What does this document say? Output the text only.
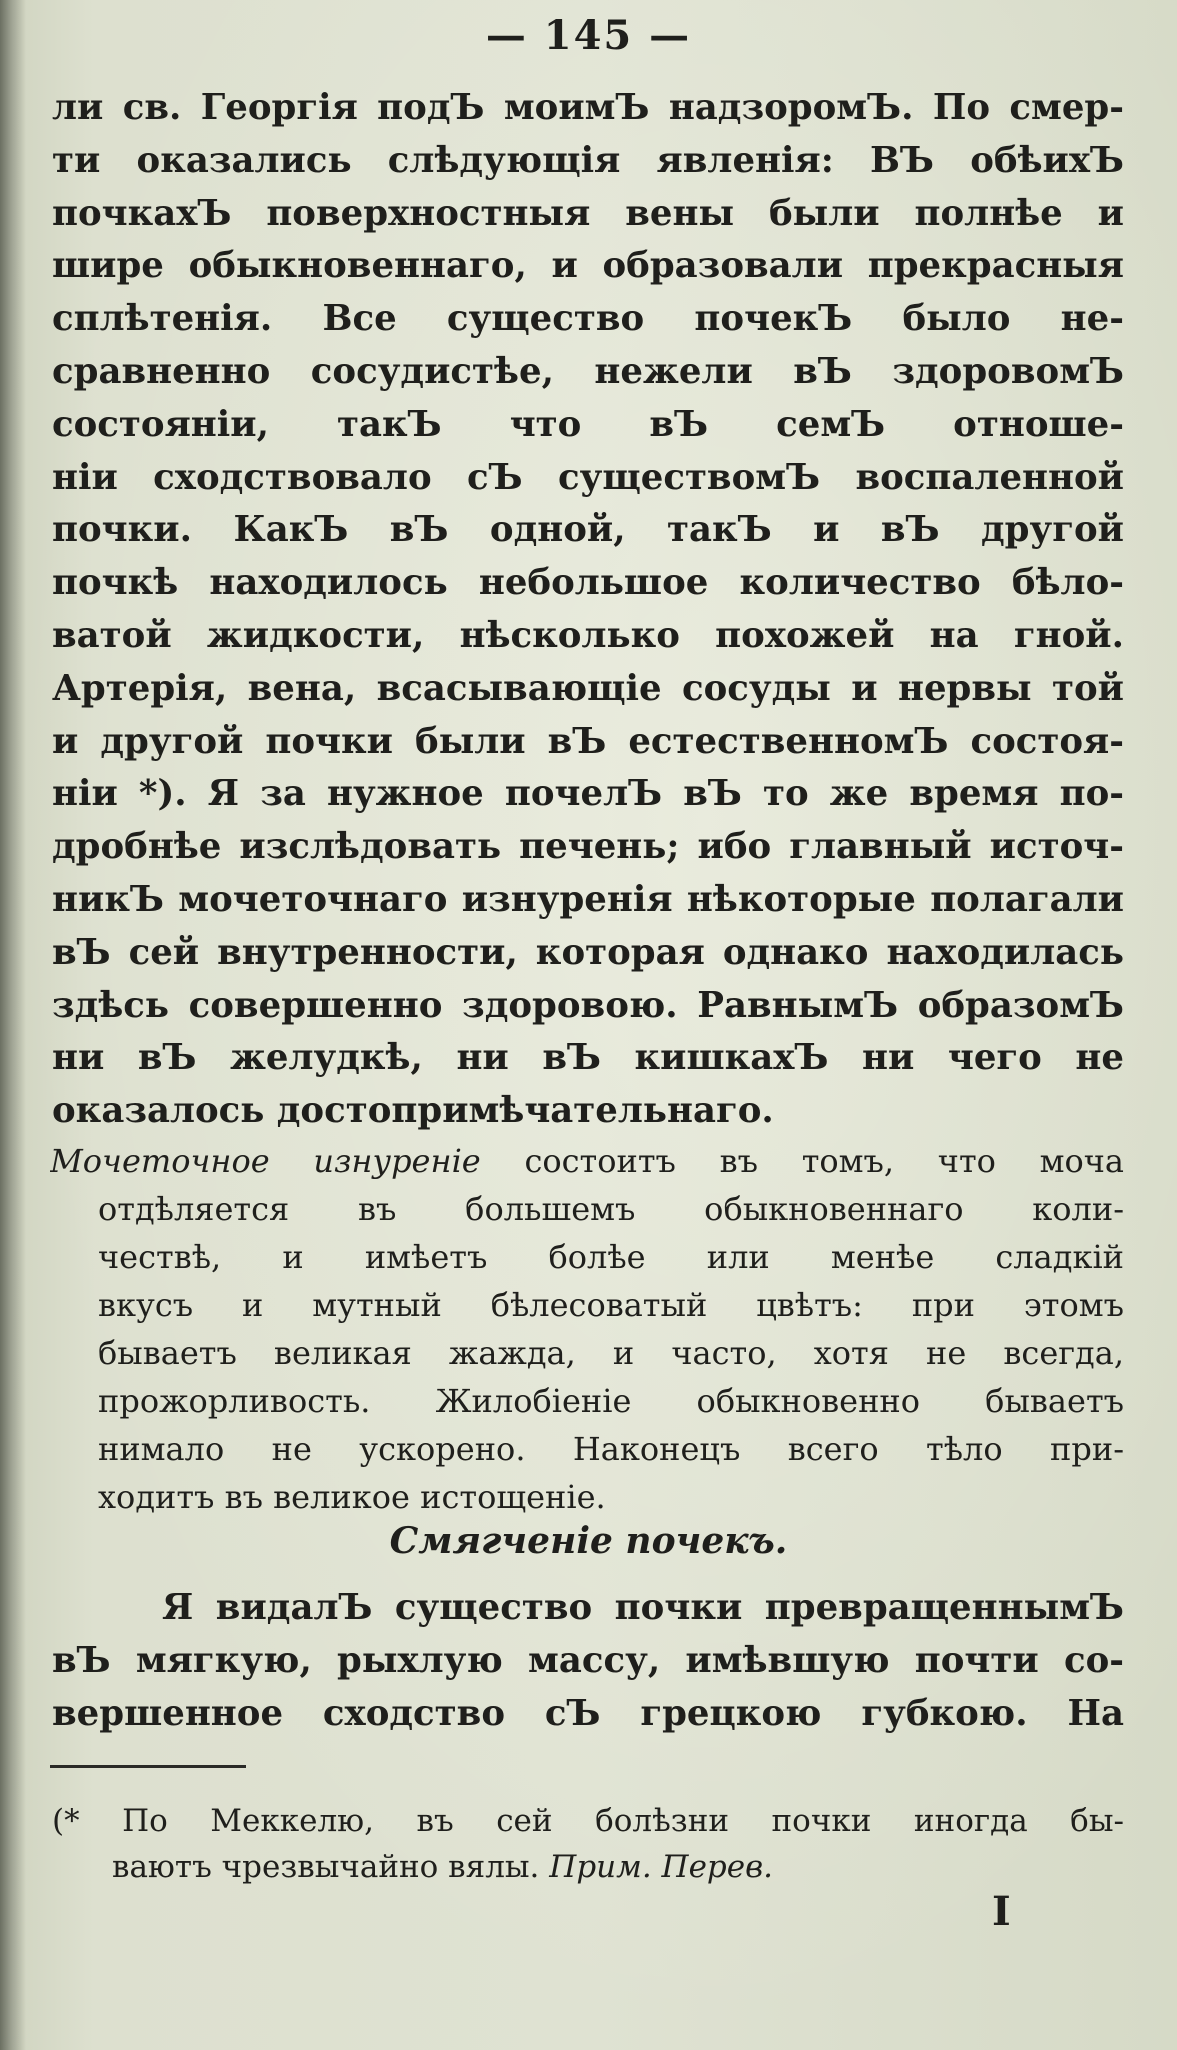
— 145 —
ли св. Георгія подЪ моимЪ надзоромЪ. По смер-
ти оказались слѣдующія явленія: ВЪ обѣихЪ
почкахЪ поверхностныя вены были полнѣе и
шире обыкновеннаго, и образовали прекрасныя
сплѣтенія. Все существо почекЪ было не-
сравненно сосудистѣе, нежели вЪ здоровомЪ
состояніи, такЪ что вЪ семЪ отноше-
ніи сходствовало сЪ существомЪ воспаленной
почки. КакЪ вЪ одной, такЪ и вЪ другой
почкѣ находилось небольшое количество бѣло-
ватой жидкости, нѣсколько похожей на гной.
Артерія, вена, всасывающіе сосуды и нервы той
и другой почки были вЪ естественномЪ состоя-
ніи *). Я за нужное почелЪ вЪ то же время по-
дробнѣе изслѣдовать печень; ибо главный источ-
никЪ мочеточнаго изнуренія нѣкоторые полагали
вЪ сей внутренности, которая однако находилась
здѣсь совершенно здоровою. РавнымЪ образомЪ
ни вЪ желудкѣ, ни вЪ кишкахЪ ни чего не
оказалось достопримѣчательнаго.
Мочеточное изнуреніе состоитъ въ томъ, что моча
отдѣляется въ большемъ обыкновеннаго коли-
чествѣ, и имѣетъ болѣе или менѣе сладкій
вкусъ и мутный бѣлесоватый цвѣтъ: при этомъ
бываетъ великая жажда, и часто, хотя не всегда,
прожорливость. Жилобіеніе обыкновенно бываетъ
нимало не ускорено. Наконецъ всего тѣло при-
ходитъ въ великое истощеніе.
Смягченіе почекъ.
Я видалЪ существо почки превращеннымЪ
вЪ мягкую, рыхлую массу, имѣвшую почти со-
вершенное сходство сЪ грецкою губкою. На
(* По Меккелю, въ сей болѣзни почки иногда бы-
ваютъ чрезвычайно вялы. Прим. Перев.
I
